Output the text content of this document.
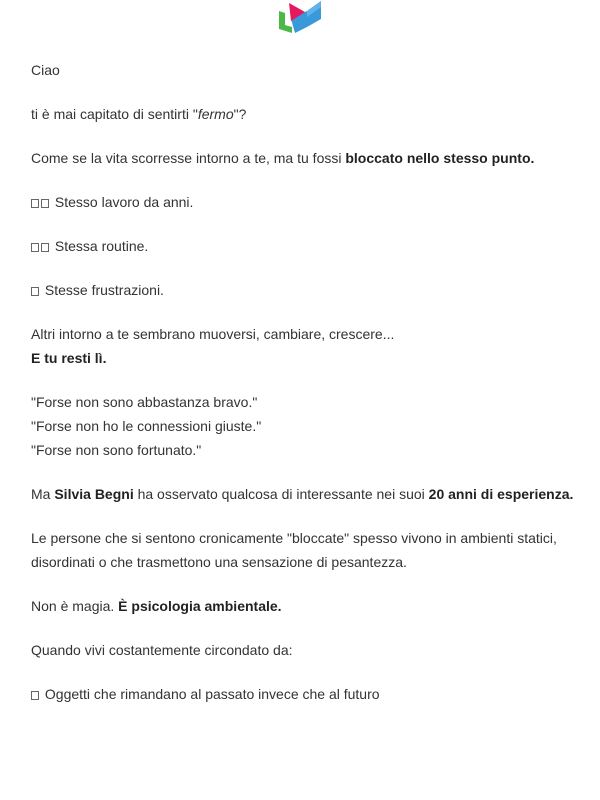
Ciao

ti è mai capitato di sentirti "fermo"?

Come se la vita scorresse intorno a te, ma tu fossi bloccato nello stesso punto.

Stesso lavoro da anni.

Stessa routine.

Stesse frustrazioni.

Altri intorno a te sembrano muoversi, cambiare, crescere...
E tu resti lì.

"Forse non sono abbastanza bravo."
"Forse non ho le connessioni giuste."
"Forse non sono fortunato."

Ma Silvia Begni ha osservato qualcosa di interessante nei suoi 20 anni di esperienza.

Le persone che si sentono cronicamente "bloccate" spesso vivono in ambienti statici, disordinati o che trasmettono una sensazione di pesantezza.

Non è magia. È psicologia ambientale.

Quando vivi costantemente circondato da:

Oggetti che rimandano al passato invece che al futuro
